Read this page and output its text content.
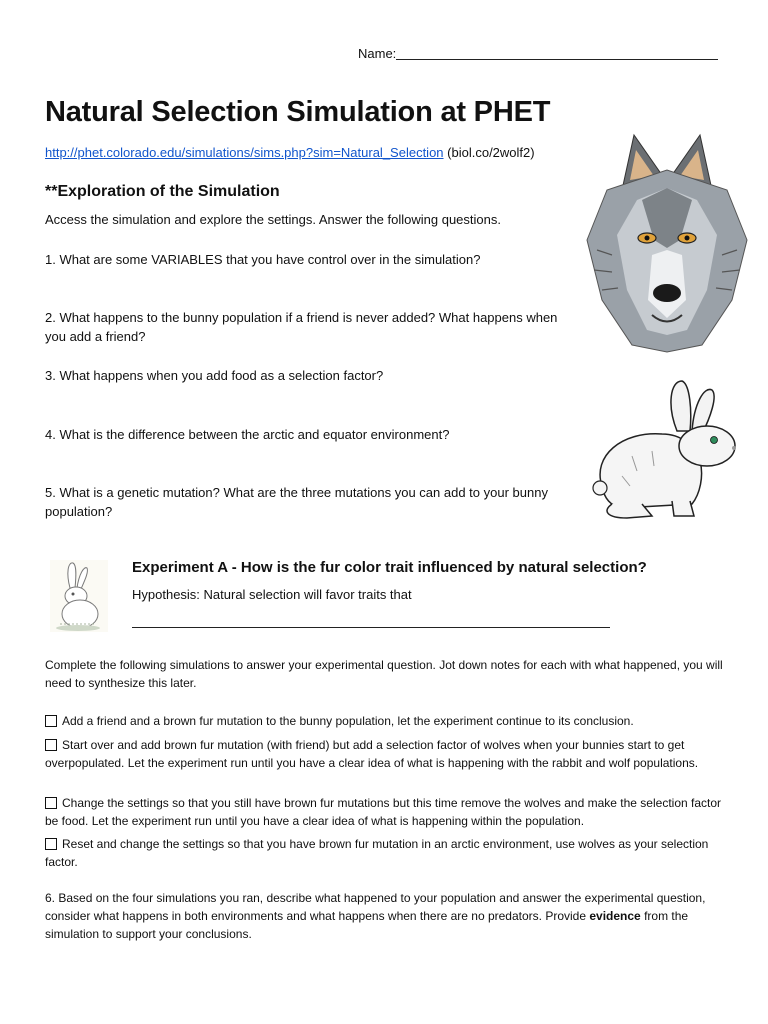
Name:
Natural Selection Simulation at PHET
http://phet.colorado.edu/simulations/sims.php?sim=Natural_Selection (biol.co/2wolf2)
**Exploration of the Simulation
Access the simulation and explore the settings. Answer the following questions.
1. What are some VARIABLES that you have control over in the simulation?
2. What happens to the bunny population if a friend is never added? What happens when you add a friend?
3. What happens when you add food as a selection factor?
4. What is the difference between the arctic and equator environment?
5. What is a genetic mutation? What are the three mutations you can add to your bunny population?
Experiment A - How is the fur color trait influenced by natural selection?
Hypothesis: Natural selection will favor traits that
Complete the following simulations to answer your experimental question. Jot down notes for each with what happened, you will need to synthesize this later.
Add a friend and a brown fur mutation to the bunny population, let the experiment continue to its conclusion.
Start over and add brown fur mutation (with friend) but add a selection factor of wolves when your bunnies start to get overpopulated. Let the experiment run until you have a clear idea of what is happening with the rabbit and wolf populations.
Change the settings so that you still have brown fur mutations but this time remove the wolves and make the selection factor be food. Let the experiment run until you have a clear idea of what is happening within the population.
Reset and change the settings so that you have brown fur mutation in an arctic environment, use wolves as your selection factor.
6. Based on the four simulations you ran, describe what happened to your population and answer the experimental question, consider what happens in both environments and what happens when there are no predators. Provide evidence from the simulation to support your conclusions.
